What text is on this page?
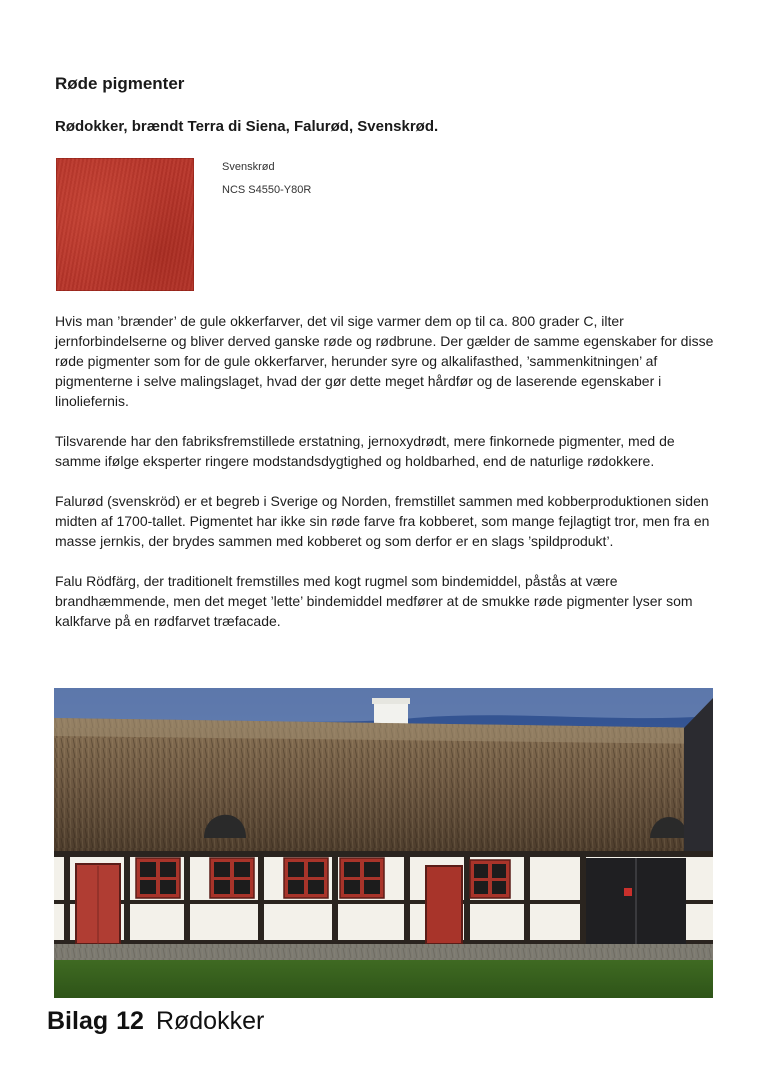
Røde pigmenter
Rødokker, brændt Terra di Siena, Falurød, Svenskrød.
Svenskrød
NCS S4550-Y80R

Hvis man ’brænder’ de gule okkerfarver, det vil sige varmer dem op til ca. 800 grader C, ilter jernforbindelserne og bliver derved ganske røde og rødbrune. Der gælder de samme egenskaber for disse røde pigmenter som for de gule okkerfarver, herunder syre og alkalifasthed, ’sammenkitningen’ af pigmenterne i selve malingslaget, hvad der gør dette meget hårdfør og de laserende egenskaber i linoliefernis.

Tilsvarende har den fabriksfremstillede erstatning, jernoxydrødt, mere finkornede pigmenter, med de samme ifølge eksperter ringere modstandsdygtighed og holdbarhed, end de naturlige rødokkere.

Falurød (svenskröd) er et begreb i Sverige og Norden, fremstillet sammen med kobberproduktionen siden midten af 1700-tallet. Pigmentet har ikke sin røde farve fra kobberet, som mange fejlagtigt tror, men fra en masse jernkis, der brydes sammen med kobberet og som derfor er en slags ’spildprodukt’.

Falu Rödfärg, der traditionelt fremstilles med kogt rugmel som bindemiddel, påstås at være brandhæmmende, men det meget ’lette’ bindemiddel medfører at de smukke røde pigmenter lyser som kalkfarve på en rødfarvet træfacade.

Bilag 12 Rødokker
